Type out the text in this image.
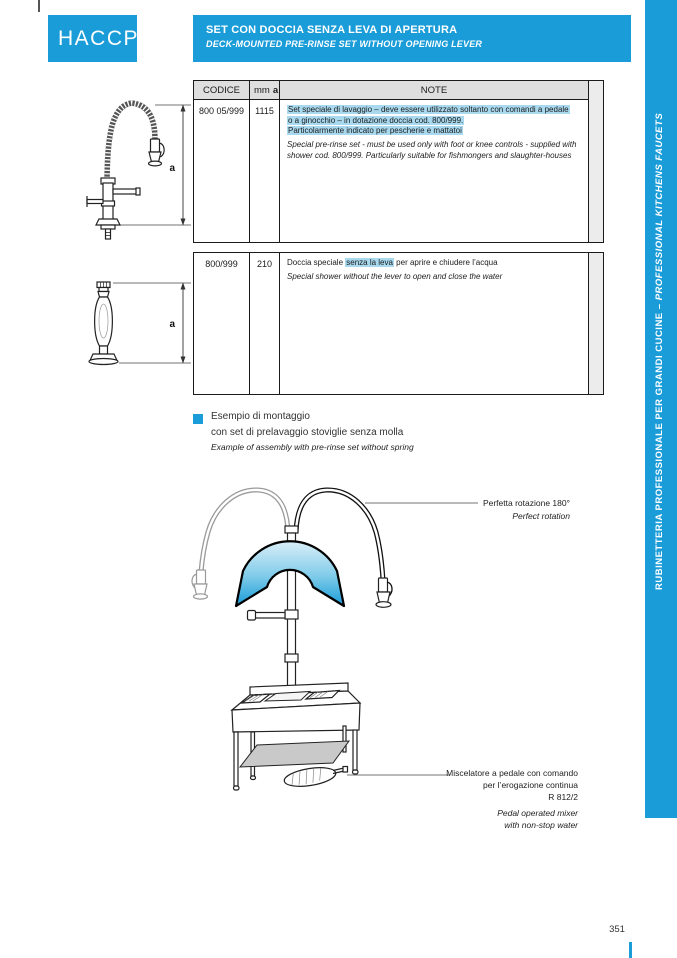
HACCP	SET CON DOCCIA SENZA LEVA DI APERTURA
DECK-MOUNTED PRE-RINSE SET WITHOUT OPENING LEVER
RUBINETTERIA PROFESSIONALE PER GRANDI CUCINE – PROFESSIONAL KITCHENS FAUCETS
CODICE	mm a	NOTE
800 05/999	1115	Set speciale di lavaggio – deve essere utilizzato soltanto con comandi a pedale
o a ginocchio – in dotazione doccia cod. 800/999.
Particolarmente indicato per pescherie e mattatoi
Special pre-rinse set - must be used only with foot or knee controls - supplied with shower cod. 800/999. Particularly suitable for fishmongers and slaughter-houses
800/999	210	Doccia speciale senza la leva per aprire e chiudere l’acqua
Special shower without the lever to open and close the water
a
a
Esempio di montaggio
con set di prelavaggio stoviglie senza molla
Example of assembly with pre-rinse set without spring
Perfetta rotazione 180°
Perfect rotation
Miscelatore a pedale con comando
per l’erogazione continua
R 812/2
Pedal operated mixer
with non-stop water
351
